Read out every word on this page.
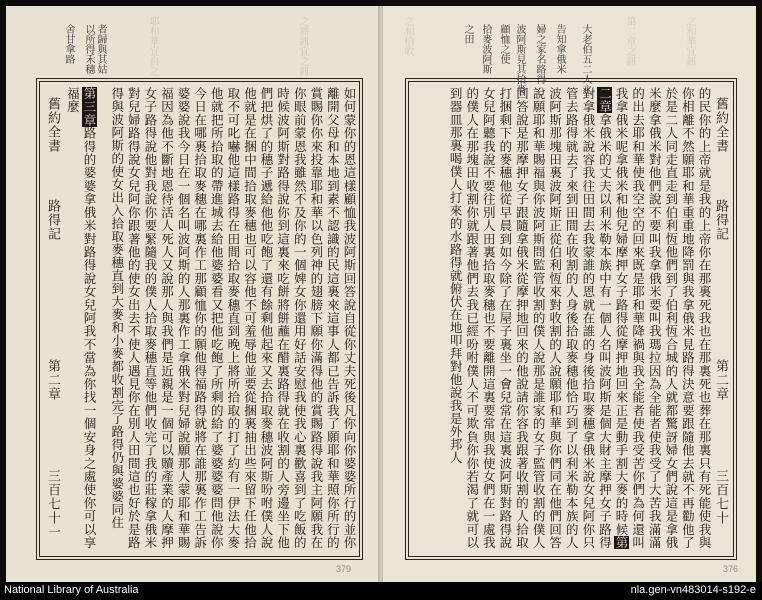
舍甘拿路 以所得禾穗 者歸與其姑	耶和華宜自之	之將鈕宜之鈕
舊約全書
路得記
第二章
三百七十一
第三章路得的婆婆拿俄米對路得說女兒阿我不當為你找一個安身之處使你可以享福麼	如何蒙你的恩這樣顧恤我波阿斯回答說自從你丈夫死後凡你向你婆婆所行的並你離開父母和本地到素不認識的民這裏來這事人都已告訴我了願耶和華照你所行的賞賜你你來投靠耶和華以色列神的翅膀下願你滿得他的賞賜路得說我主阿願我在你眼前蒙恩我雖然不及你的一個婢女你還用好話安慰我使我心裏歡喜到了吃飯的時候波阿斯對路得說你到這裏來吃餅將餅蘸在醋裏路得就在收割的人旁邊坐下他們把烘了的穗子遞給他他吃飽了還有餘剩他起來又去拾取麥穗波阿斯吩咐僕人說他就是在捆中間拾取麥穗也可以容他不可羞辱他並要從捆裏抽出些來留下任他拾取不可叱嚇他這樣路得在田間拾取麥穗直到晚上將所拾取的打了約有一伊法大麥他就把所拾取的帶進城去給他婆婆看又把他吃飽了所剩的給了婆婆婆婆問他說你今日在哪裏拾取麥穗在哪裏作工那顧恤你的願他得福路得就將在誰那裏作工告訴婆婆說我今日在一個名叫波阿斯的人那裏作工拿俄米對兒婦說願那人蒙耶和華賜福因為他不斷地恩待活人死人又說那人與我們是近親是一個可以贖產業的人摩押女子路得說他對我說你要緊隨我的僕人拾取麥穗直等他們收完了我的莊稼拿俄米對兒婦路得說女兒阿你跟著他的使女出去不使人遇見你在別人田間這也好於是路得與波阿斯的使女出入拾取麥穗直到大麥和小麥都收割完了路得仍與婆婆同住
379
之和拾收	大老伯五二人之
告知拿俄米
婦之家名路得
波阿斯見其拾麥
顧恤之使
拾麥波阿斯
之田	第二章之鈕	之和華宜鈕
舊約全書
路得記
第二章
三百七十
的民你的上帝就是我的上帝你在那裏死我也在那裏死也葬在那裏只有死能使我與你相離不然願耶和華重重地降罰與我拿俄米見路得決意要跟隨他去就不再勸他了於是二人同走直走到伯利恆他們到了伯利恆合城的人就都驚訝婦女們說這是拿俄米麼拿俄米對他們說不要叫我拿俄米要叫我瑪拉因為全能者使我受了大苦我滿滿的出去耶和華使我空空的回來既是耶和華降禍與我全能者使我受苦你們為何還叫我拿俄米呢拿俄米和他兒婦摩押女子路得從摩押地回來正是動手割大麥的時候第二章拿俄米的丈夫以利米勒本族中有一個人名叫波阿斯是個大財主摩押女子路得對拿俄米說容我往田間去我蒙誰的恩就在誰的身後拾取麥穗拿俄米說女兒阿你只管去路得就去了來到田間在收割的人身後拾取麥穗他恰巧到了以利米勒本族的人波阿斯那塊田裏波阿斯正從伯利恆來對收割的人說願耶和華與你們同在他們回答說願耶和華賜福與你波阿斯問監管收割的僕人說那是誰家的女子監管收割的僕人回答說是那摩押女子跟隨拿俄米從摩押地回來的他說請你容我跟著收割的人拾取打捆剩下的麥穗他從早晨到如今除了在屋子裏坐一會兒常在這裏波阿斯對路得說女兒阿聽我說不要往別人田裏拾取麥穗也不要離開這裏要常與我使女們在一處我的僕人在那塊田收割你就跟著他們去我已經吩咐僕人不可欺負你你若渴了就可以到器皿那裏喝僕人打來的水路得就俯伏在地叩拜對他說我是外邦人
376
National Library of Australia	nla.gen-vn483014-s192-e
